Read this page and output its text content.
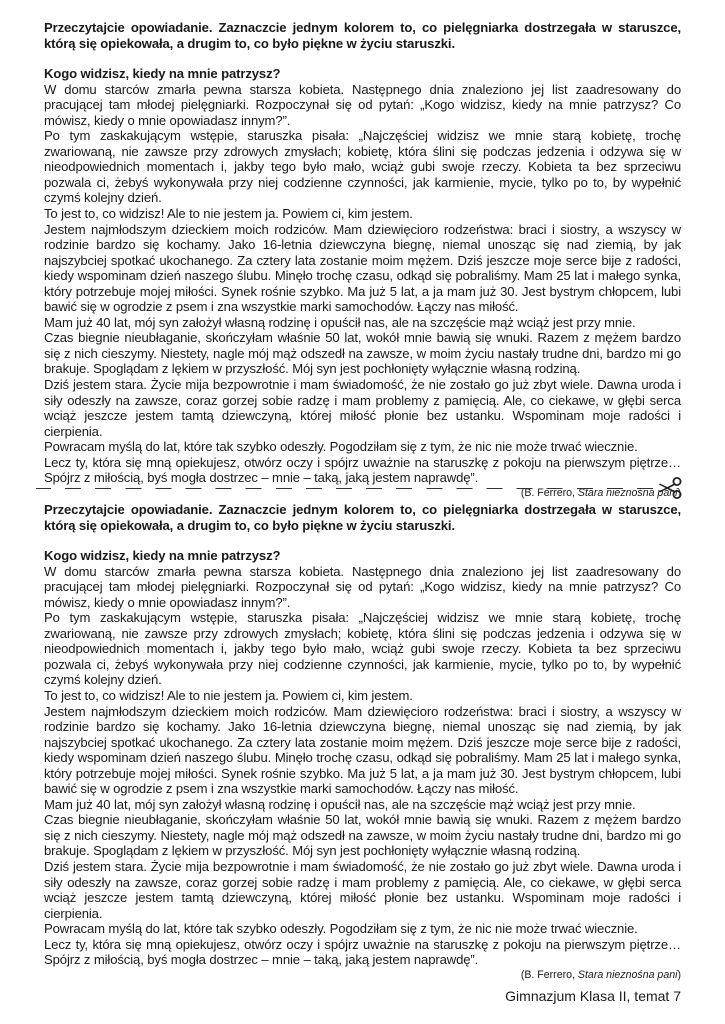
Przeczytajcie opowiadanie. Zaznaczcie jednym kolorem to, co pielęgniarka dostrzegała w staruszce, którą się opiekowała, a drugim to, co było piękne w życiu staruszki.

Kogo widzisz, kiedy na mnie patrzysz?

W domu starców zmarła pewna starsza kobieta. Następnego dnia znaleziono jej list zaadresowany do pracującej tam młodej pielęgniarki. Rozpoczynał się od pytań: „Kogo widzisz, kiedy na mnie patrzysz? Co mówisz, kiedy o mnie opowiadasz innym?”.

Po tym zaskakującym wstępie, staruszka pisała: „Najczęściej widzisz we mnie starą kobietę, trochę zwariowaną, nie zawsze przy zdrowych zmysłach; kobietę, która ślini się podczas jedzenia i odzywa się w nieodpowiednich momentach i, jakby tego było mało, wciąż gubi swoje rzeczy. Kobieta ta bez sprzeciwu pozwala ci, żebyś wykonywała przy niej codzienne czynności, jak karmienie, mycie, tylko po to, by wypełnić czymś kolejny dzień.

To jest to, co widzisz! Ale to nie jestem ja. Powiem ci, kim jestem.

Jestem najmłodszym dzieckiem moich rodziców. Mam dziewięcioro rodzeństwa: braci i siostry, a wszyscy w rodzinie bardzo się kochamy. Jako 16-letnia dziewczyna biegnę, niemal unosząc się nad ziemią, by jak najszybciej spotkać ukochanego. Za cztery lata zostanie moim mężem. Dziś jeszcze moje serce bije z radości, kiedy wspominam dzień naszego ślubu. Minęło trochę czasu, odkąd się pobraliśmy. Mam 25 lat i małego synka, który potrzebuje mojej miłości. Synek rośnie szybko. Ma już 5 lat, a ja mam już 30. Jest bystrym chłopcem, lubi bawić się w ogrodzie z psem i zna wszystkie marki samochodów. Łączy nas miłość.

Mam już 40 lat, mój syn założył własną rodzinę i opuścił nas, ale na szczęście mąż wciąż jest przy mnie.

Czas biegnie nieubłaganie, skończyłam właśnie 50 lat, wokół mnie bawią się wnuki. Razem z mężem bardzo się z nich cieszymy. Niestety, nagle mój mąż odszedł na zawsze, w moim życiu nastały trudne dni, bardzo mi go brakuje. Spoglądam z lękiem w przyszłość. Mój syn jest pochłonięty wyłącznie własną rodziną.

Dziś jestem stara. Życie mija bezpowrotnie i mam świadomość, że nie zostało go już zbyt wiele. Dawna uroda i siły odeszły na zawsze, coraz gorzej sobie radzę i mam problemy z pamięcią. Ale, co ciekawe, w głębi serca wciąż jeszcze jestem tamtą dziewczyną, której miłość płonie bez ustanku. Wspominam moje radości i cierpienia.

Powracam myślą do lat, które tak szybko odeszły. Pogodziłam się z tym, że nic nie może trwać wiecznie.

Lecz ty, która się mną opiekujesz, otwórz oczy i spójrz uważnie na staruszkę z pokoju na pierwszym piętrze… Spójrz z miłością, byś mogła dostrzec – mnie – taką, jaką jestem naprawdę”.

(B. Ferrero, Stara nieznośna pani)

Przeczytajcie opowiadanie. Zaznaczcie jednym kolorem to, co pielęgniarka dostrzegała w staruszce, którą się opiekowała, a drugim to, co było piękne w życiu staruszki.

Kogo widzisz, kiedy na mnie patrzysz?

W domu starców zmarła pewna starsza kobieta. Następnego dnia znaleziono jej list zaadresowany do pracującej tam młodej pielęgniarki. Rozpoczynał się od pytań: „Kogo widzisz, kiedy na mnie patrzysz? Co mówisz, kiedy o mnie opowiadasz innym?”.

Po tym zaskakującym wstępie, staruszka pisała: „Najczęściej widzisz we mnie starą kobietę, trochę zwariowaną, nie zawsze przy zdrowych zmysłach; kobietę, która ślini się podczas jedzenia i odzywa się w nieodpowiednich momentach i, jakby tego było mało, wciąż gubi swoje rzeczy. Kobieta ta bez sprzeciwu pozwala ci, żebyś wykonywała przy niej codzienne czynności, jak karmienie, mycie, tylko po to, by wypełnić czymś kolejny dzień.

To jest to, co widzisz! Ale to nie jestem ja. Powiem ci, kim jestem.

Jestem najmłodszym dzieckiem moich rodziców. Mam dziewięcioro rodzeństwa: braci i siostry, a wszyscy w rodzinie bardzo się kochamy. Jako 16-letnia dziewczyna biegnę, niemal unosząc się nad ziemią, by jak najszybciej spotkać ukochanego. Za cztery lata zostanie moim mężem. Dziś jeszcze moje serce bije z radości, kiedy wspominam dzień naszego ślubu. Minęło trochę czasu, odkąd się pobraliśmy. Mam 25 lat i małego synka, który potrzebuje mojej miłości. Synek rośnie szybko. Ma już 5 lat, a ja mam już 30. Jest bystrym chłopcem, lubi bawić się w ogrodzie z psem i zna wszystkie marki samochodów. Łączy nas miłość.

Mam już 40 lat, mój syn założył własną rodzinę i opuścił nas, ale na szczęście mąż wciąż jest przy mnie.

Czas biegnie nieubłaganie, skończyłam właśnie 50 lat, wokół mnie bawią się wnuki. Razem z mężem bardzo się z nich cieszymy. Niestety, nagle mój mąż odszedł na zawsze, w moim życiu nastały trudne dni, bardzo mi go brakuje. Spoglądam z lękiem w przyszłość. Mój syn jest pochłonięty wyłącznie własną rodziną.

Dziś jestem stara. Życie mija bezpowrotnie i mam świadomość, że nie zostało go już zbyt wiele. Dawna uroda i siły odeszły na zawsze, coraz gorzej sobie radzę i mam problemy z pamięcią. Ale, co ciekawe, w głębi serca wciąż jeszcze jestem tamtą dziewczyną, której miłość płonie bez ustanku. Wspominam moje radości i cierpienia.

Powracam myślą do lat, które tak szybko odeszły. Pogodziłam się z tym, że nic nie może trwać wiecznie.

Lecz ty, która się mną opiekujesz, otwórz oczy i spójrz uważnie na staruszkę z pokoju na pierwszym piętrze… Spójrz z miłością, byś mogła dostrzec – mnie – taką, jaką jestem naprawdę”.

(B. Ferrero, Stara nieznośna pani)

Gimnazjum Klasa II, temat 7
